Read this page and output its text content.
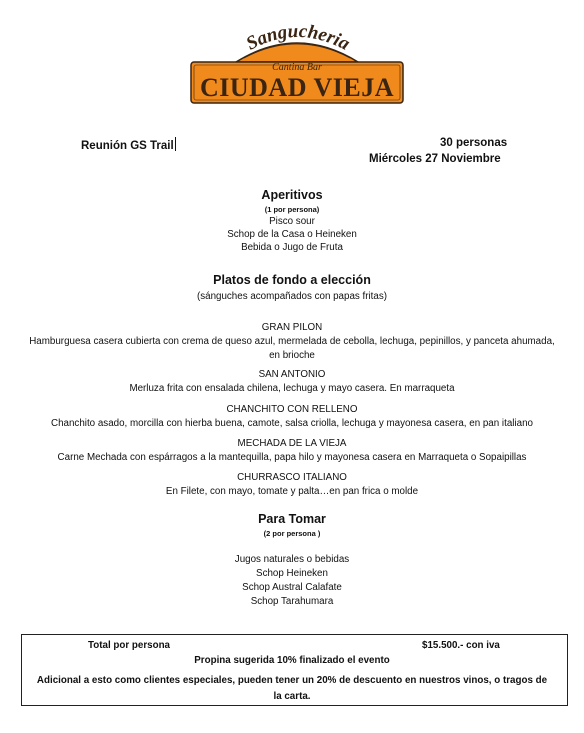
Sangucheria
Cantina Bar
CIUDAD VIEJA
Reunión GS Trail	30 personas
Miércoles 27 Noviembre
Aperitivos
(1 por persona)
Pisco sour
Schop de la Casa o Heineken
Bebida o Jugo de Fruta
Platos de fondo a elección
(sánguches acompañados con papas fritas)
GRAN PILON
Hamburguesa casera cubierta con crema de queso azul, mermelada de cebolla, lechuga, pepinillos, y panceta ahumada,
en brioche
SAN ANTONIO
Merluza frita con ensalada chilena, lechuga y mayo casera. En marraqueta
CHANCHITO CON RELLENO
Chanchito asado, morcilla con hierba buena, camote, salsa criolla, lechuga y mayonesa casera, en pan italiano
MECHADA DE LA VIEJA
Carne Mechada con espárragos a la mantequilla, papa hilo y mayonesa casera en Marraqueta o Sopaipillas
CHURRASCO ITALIANO
En Filete, con mayo, tomate y palta…en pan frica o molde
Para Tomar
(2 por persona )
Jugos naturales o bebidas
Schop Heineken
Schop Austral Calafate
Schop Tarahumara
Total por persona	$15.500.- con iva
Propina sugerida 10% finalizado el evento
Adicional a esto como clientes especiales, pueden tener un 20% de descuento en nuestros vinos, o tragos de
la carta.
